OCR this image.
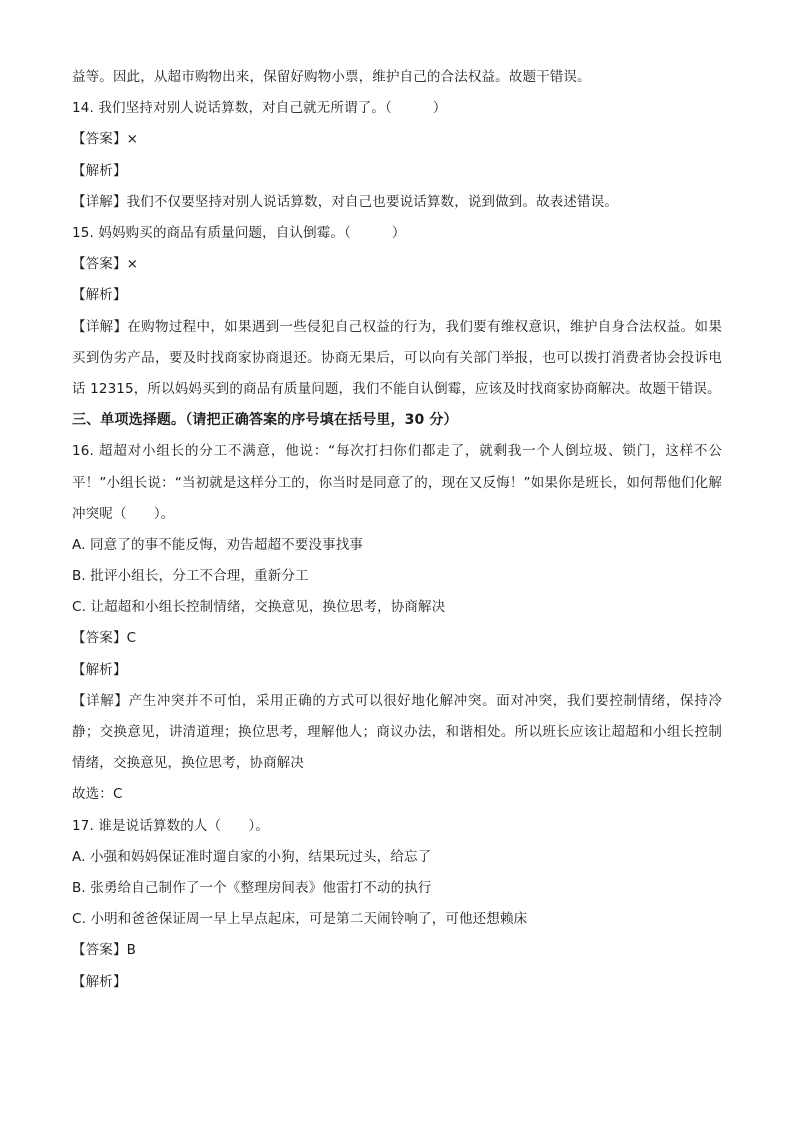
益等。因此，从超市购物出来，保留好购物小票，维护自己的合法权益。故题干错误。
14. 我们坚持对别人说话算数，对自己就无所谓了。（　　　）
【答案】×
【解析】
【详解】我们不仅要坚持对别人说话算数，对自己也要说话算数，说到做到。故表述错误。
15. 妈妈购买的商品有质量问题，自认倒霉。（　　　）
【答案】×
【解析】
【详解】在购物过程中，如果遇到一些侵犯自己权益的行为，我们要有维权意识，维护自身合法权益。如果买到伪劣产品，要及时找商家协商退还。协商无果后，可以向有关部门举报，也可以拨打消费者协会投诉电话 12315，所以妈妈买到的商品有质量问题，我们不能自认倒霉，应该及时找商家协商解决。故题干错误。
三、单项选择题。（请把正确答案的序号填在括号里，30 分）
16. 超超对小组长的分工不满意，他说：“每次打扫你们都走了，就剩我一个人倒垃圾、锁门，这样不公平！”小组长说：“当初就是这样分工的，你当时是同意了的，现在又反悔！”如果你是班长，如何帮他们化解冲突呢（　　）。
A. 同意了的事不能反悔，劝告超超不要没事找事
B. 批评小组长，分工不合理，重新分工
C. 让超超和小组长控制情绪，交换意见，换位思考，协商解决
【答案】C
【解析】
【详解】产生冲突并不可怕，采用正确的方式可以很好地化解冲突。面对冲突，我们要控制情绪，保持冷静；交换意见，讲清道理；换位思考，理解他人；商议办法，和谐相处。所以班长应该让超超和小组长控制情绪，交换意见，换位思考，协商解决
故选：C
17. 谁是说话算数的人（　　）。
A. 小强和妈妈保证准时遛自家的小狗，结果玩过头，给忘了
B. 张勇给自己制作了一个《整理房间表》他雷打不动的执行
C. 小明和爸爸保证周一早上早点起床，可是第二天闹铃响了，可他还想赖床
【答案】B
【解析】
